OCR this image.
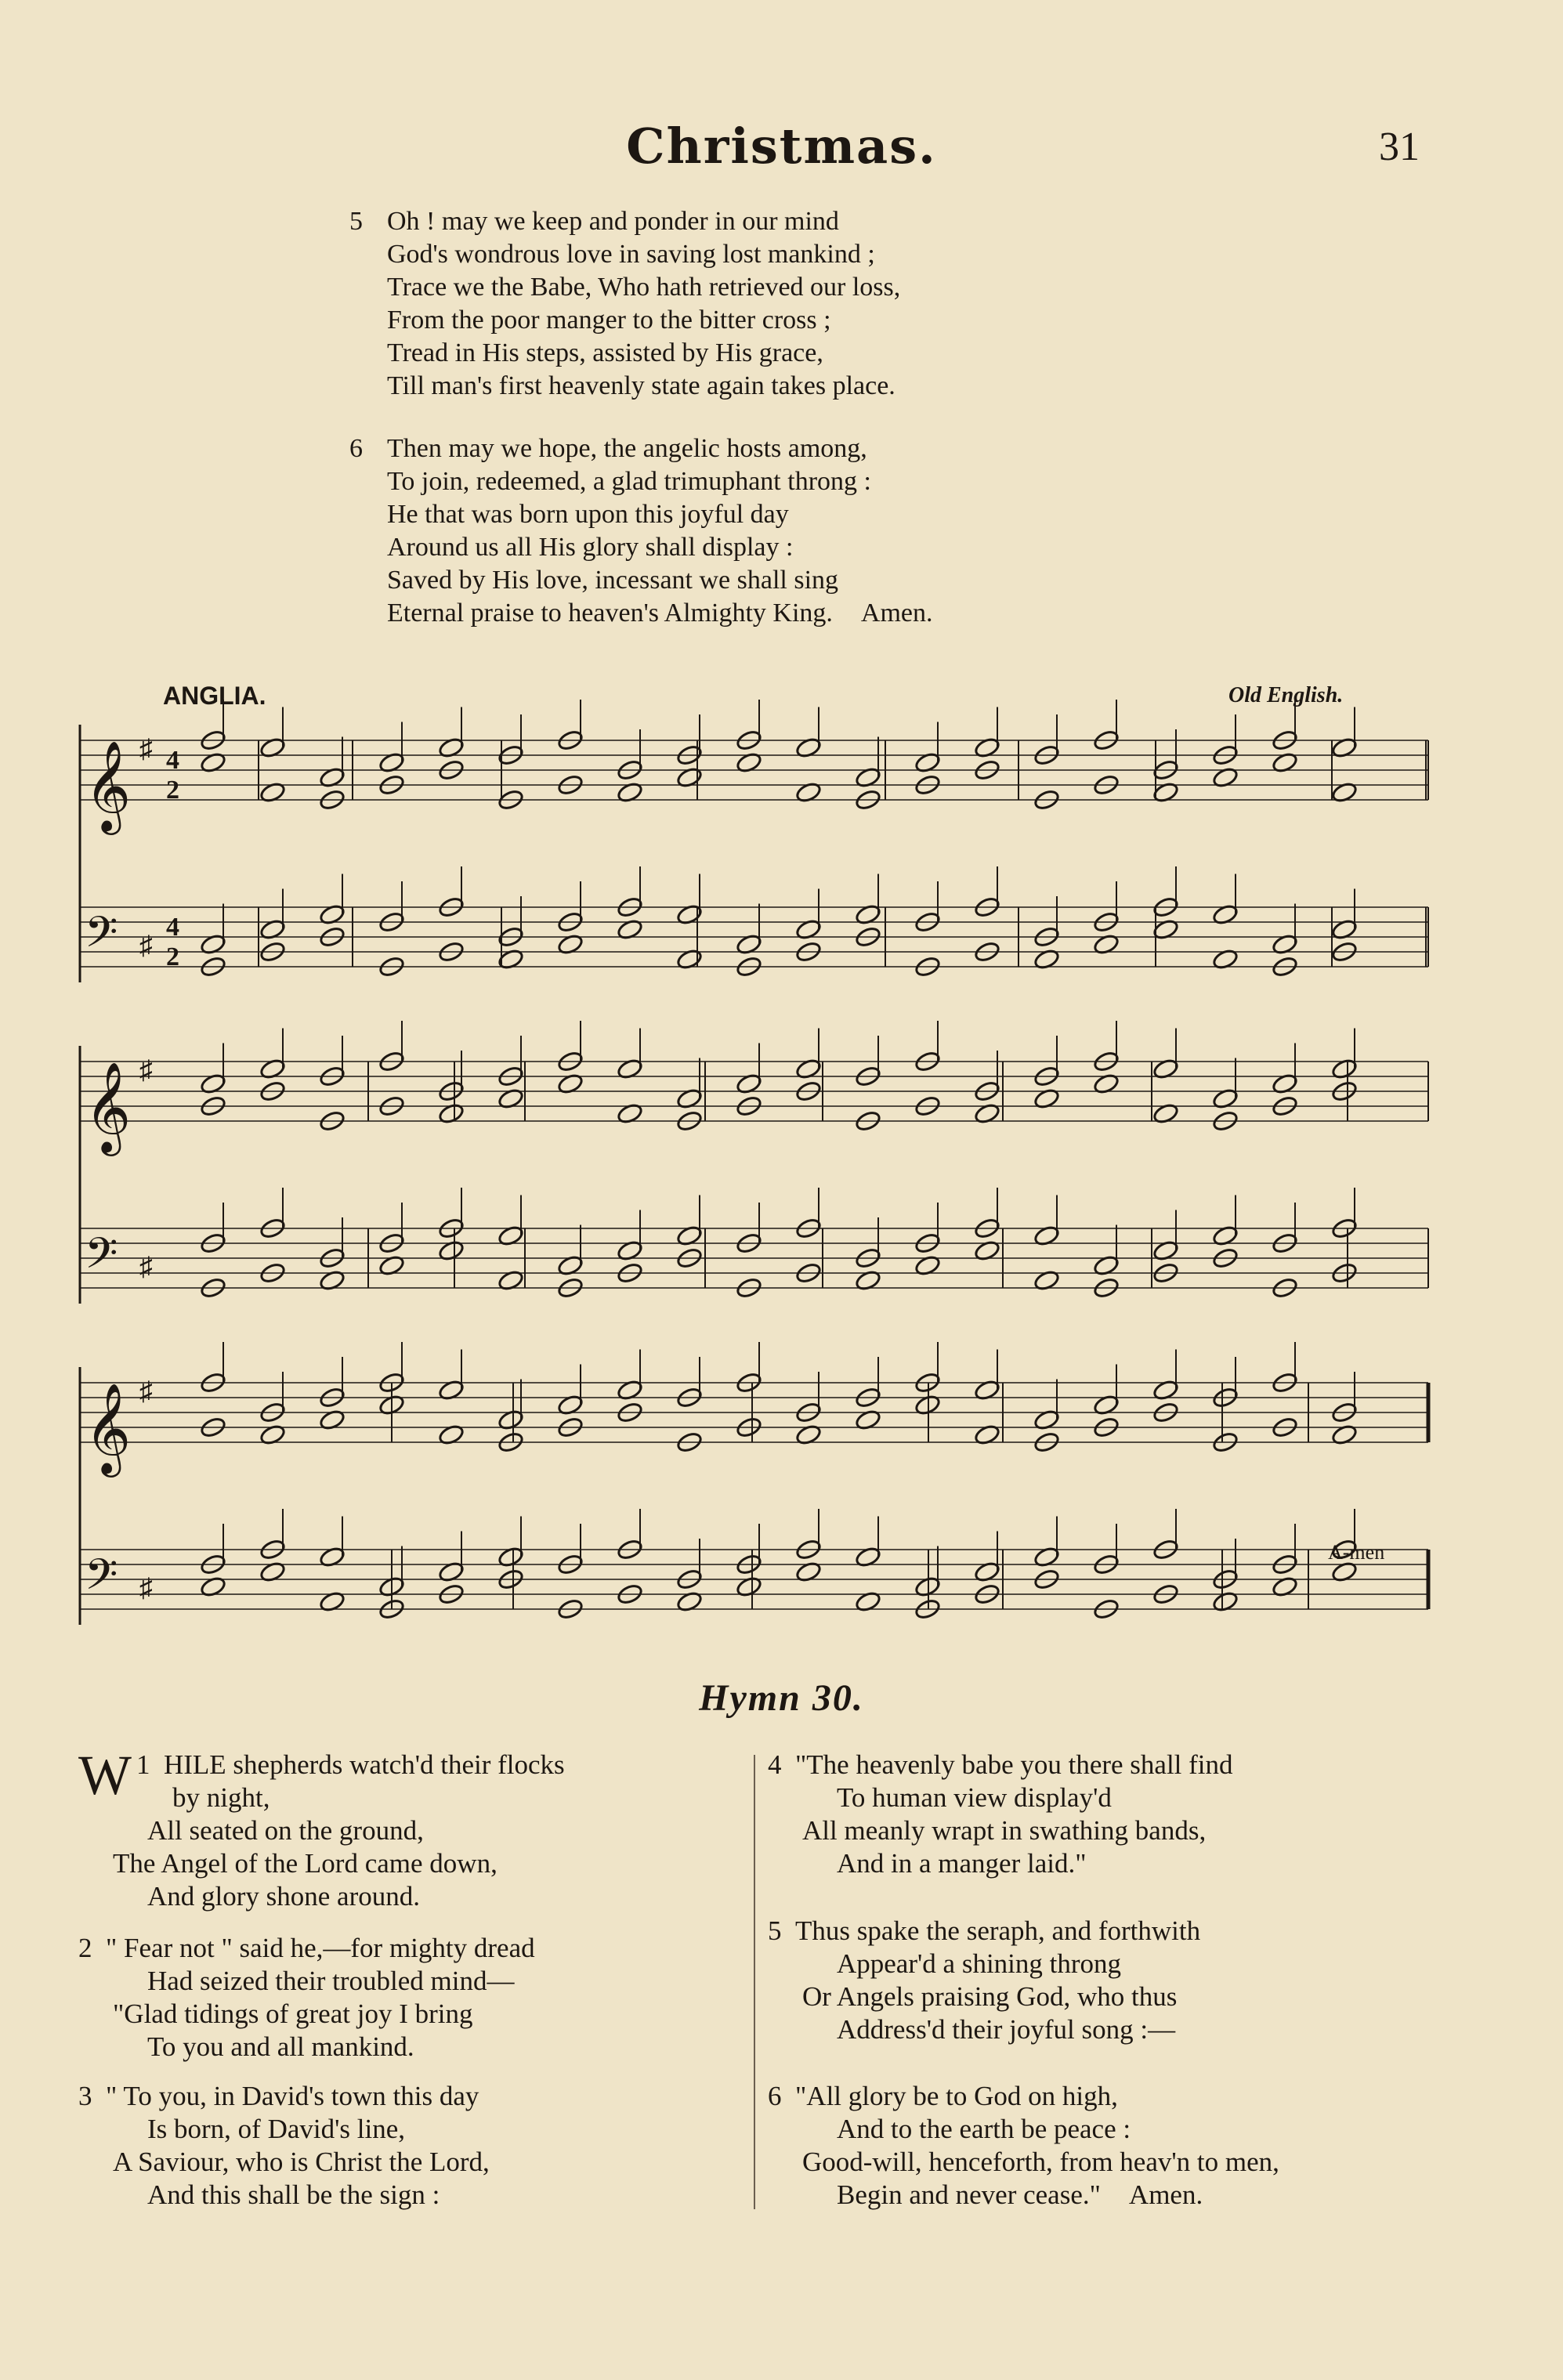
Christmas.	31
5 Oh ! may we keep and ponder in our mind
God's wondrous love in saving lost mankind ;
Trace we the Babe, Who hath retrieved our loss,
From the poor manger to the bitter cross ;
Tread in His steps, assisted by His grace,
Till man's first heavenly state again takes place.
6 Then may we hope, the angelic hosts among,
To join, redeemed, a glad trimuphant throng :
He that was born upon this joyful day
Around us all His glory shall display :
Saved by His love, incessant we shall sing
Eternal praise to heaven's Almighty King. Amen.
ANGLIA.	Old English.
𝄞 ♯
𝄢 ♯
𝄞 ♯
𝄢 ♯
𝄞 ♯
𝄢 ♯
4
2
4
2
A-men
Hymn 30.
1
W HILE shepherds watch'd their flocks
by night,
All seated on the ground,
The Angel of the Lord came down,
And glory shone around.
2 " Fear not " said he,—for mighty dread
Had seized their troubled mind—
"Glad tidings of great joy I bring
To you and all mankind.
3 " To you, in David's town this day
Is born, of David's line,
A Saviour, who is Christ the Lord,
And this shall be the sign :
4 "The heavenly babe you there shall find
To human view display'd
All meanly wrapt in swathing bands,
And in a manger laid."
5 Thus spake the seraph, and forthwith
Appear'd a shining throng
Or Angels praising God, who thus
Address'd their joyful song :—
6 "All glory be to God on high,
And to the earth be peace :
Good-will, henceforth, from heav'n to men,
Begin and never cease." Amen.
